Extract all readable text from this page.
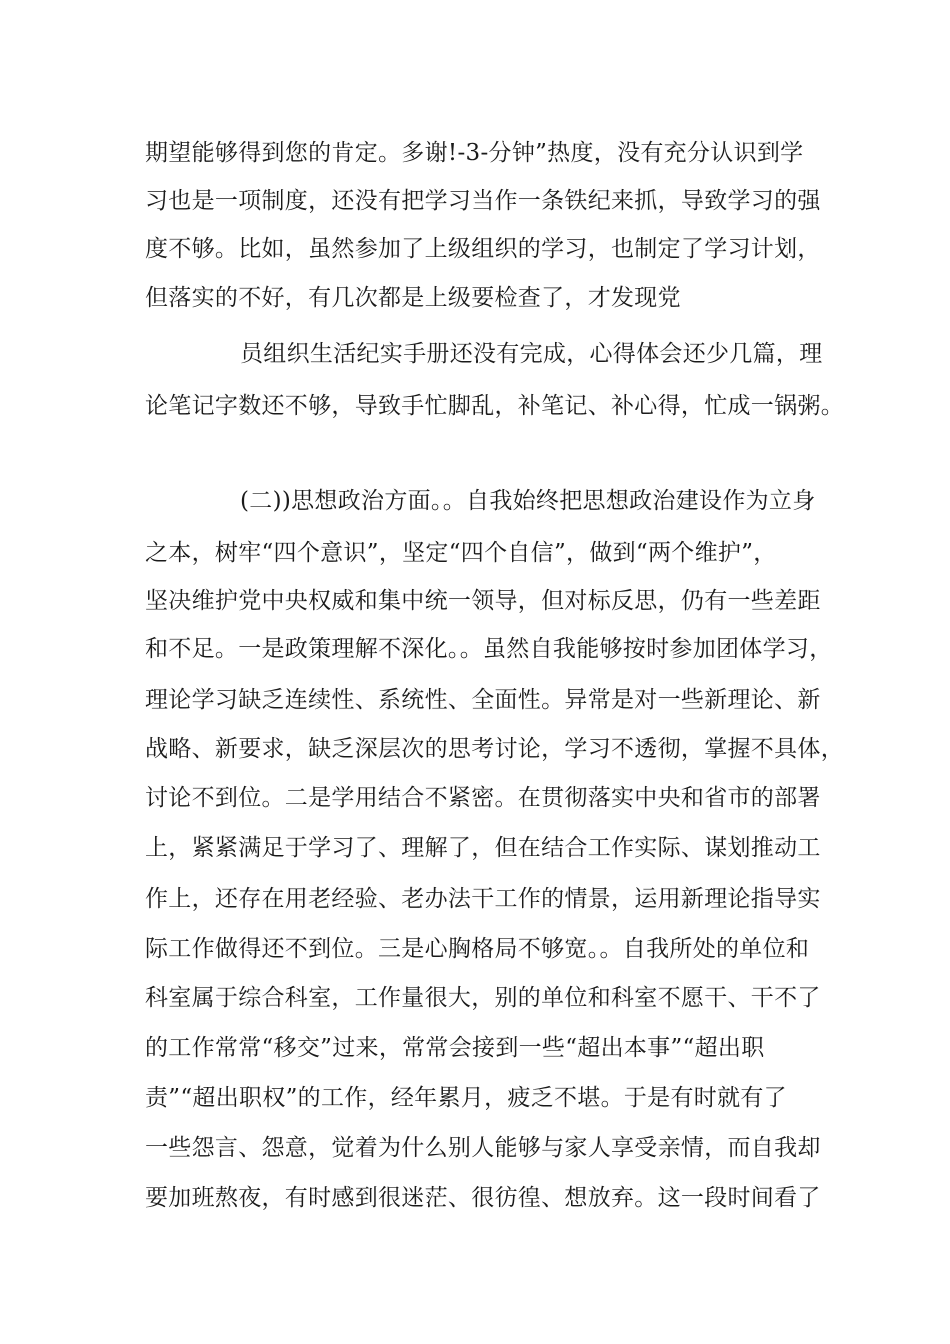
期望能够得到您的肯定。多谢!-3-分钟”热度，没有充分认识到学
习也是一项制度，还没有把学习当作一条铁纪来抓，导致学习的强
度不够。比如，虽然参加了上级组织的学习，也制定了学习计划，
但落实的不好，有几次都是上级要检查了，才发现党
员组织生活纪实手册还没有完成，心得体会还少几篇，理
论笔记字数还不够，导致手忙脚乱，补笔记、补心得，忙成一锅粥。
(二))思想政治方面。。自我始终把思想政治建设作为立身
之本，树牢“四个意识”，坚定“四个自信”，做到“两个维护”，
坚决维护党中央权威和集中统一领导，但对标反思，仍有一些差距
和不足。一是政策理解不深化。。虽然自我能够按时参加团体学习，
理论学习缺乏连续性、系统性、全面性。异常是对一些新理论、新
战略、新要求，缺乏深层次的思考讨论，学习不透彻，掌握不具体，
讨论不到位。二是学用结合不紧密。在贯彻落实中央和省市的部署
上，紧紧满足于学习了、理解了，但在结合工作实际、谋划推动工
作上，还存在用老经验、老办法干工作的情景，运用新理论指导实
际工作做得还不到位。三是心胸格局不够宽。。自我所处的单位和
科室属于综合科室，工作量很大，别的单位和科室不愿干、干不了
的工作常常“移交”过来，常常会接到一些“超出本事”“超出职
责”“超出职权”的工作，经年累月，疲乏不堪。于是有时就有了
一些怨言、怨意，觉着为什么别人能够与家人享受亲情，而自我却
要加班熬夜，有时感到很迷茫、很彷徨、想放弃。这一段时间看了
